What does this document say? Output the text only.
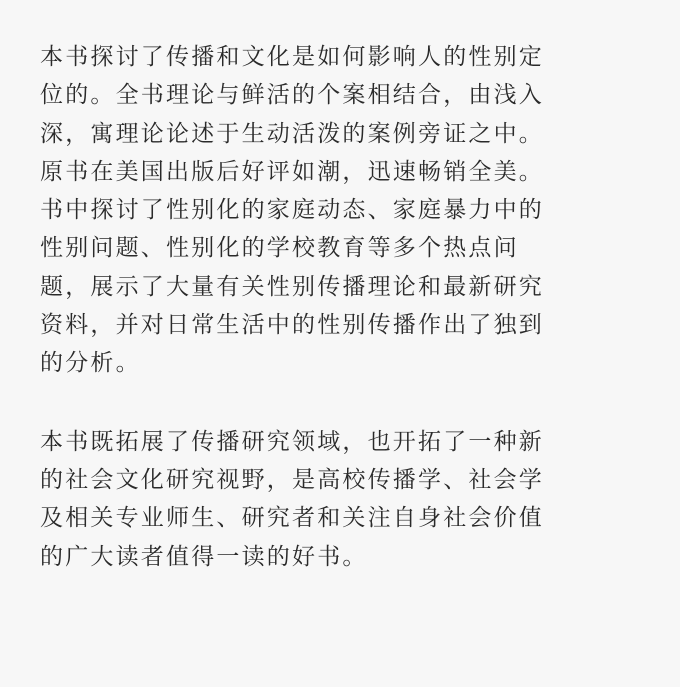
本书探讨了传播和文化是如何影响人的性别定
位的。全书理论与鲜活的个案相结合，由浅入
深，寓理论论述于生动活泼的案例旁证之中。
原书在美国出版后好评如潮，迅速畅销全美。
书中探讨了性别化的家庭动态、家庭暴力中的
性别问题、性别化的学校教育等多个热点问
题，展示了大量有关性别传播理论和最新研究
资料，并对日常生活中的性别传播作出了独到
的分析。

本书既拓展了传播研究领域，也开拓了一种新
的社会文化研究视野，是高校传播学、社会学
及相关专业师生、研究者和关注自身社会价值
的广大读者值得一读的好书。
